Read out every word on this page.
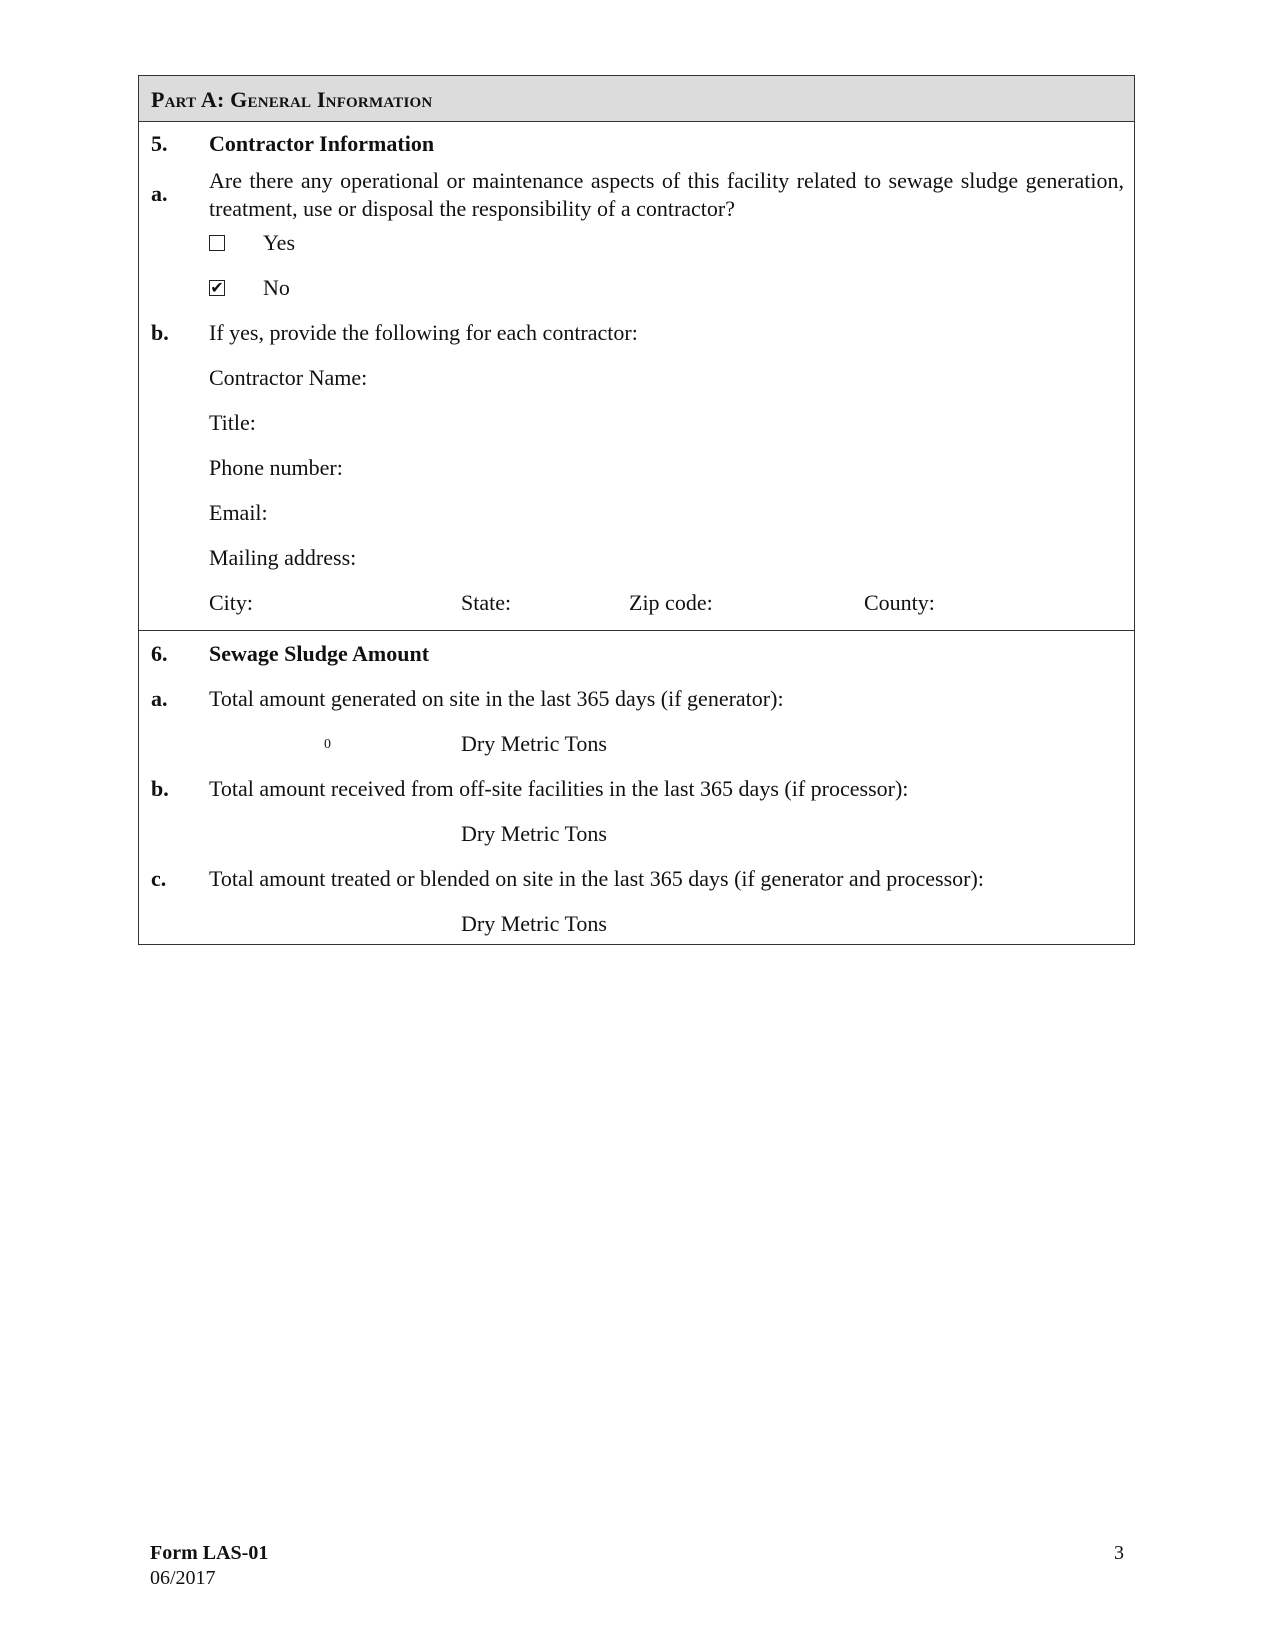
Part A: General Information
5. Contractor Information
a.
Are there any operational or maintenance aspects of this facility related to sewage sludge generation, treatment, use or disposal the responsibility of a contractor?
Yes
✔ No
b. If yes, provide the following for each contractor:
Contractor Name:
Title:
Phone number:
Email:
Mailing address:
City:	State:	Zip code:	County:
6. Sewage Sludge Amount
a. Total amount generated on site in the last 365 days (if generator):
0	Dry Metric Tons
b. Total amount received from off-site facilities in the last 365 days (if processor):
Dry Metric Tons
c. Total amount treated or blended on site in the last 365 days (if generator and processor):
Dry Metric Tons
Form LAS-01
06/2017
3
